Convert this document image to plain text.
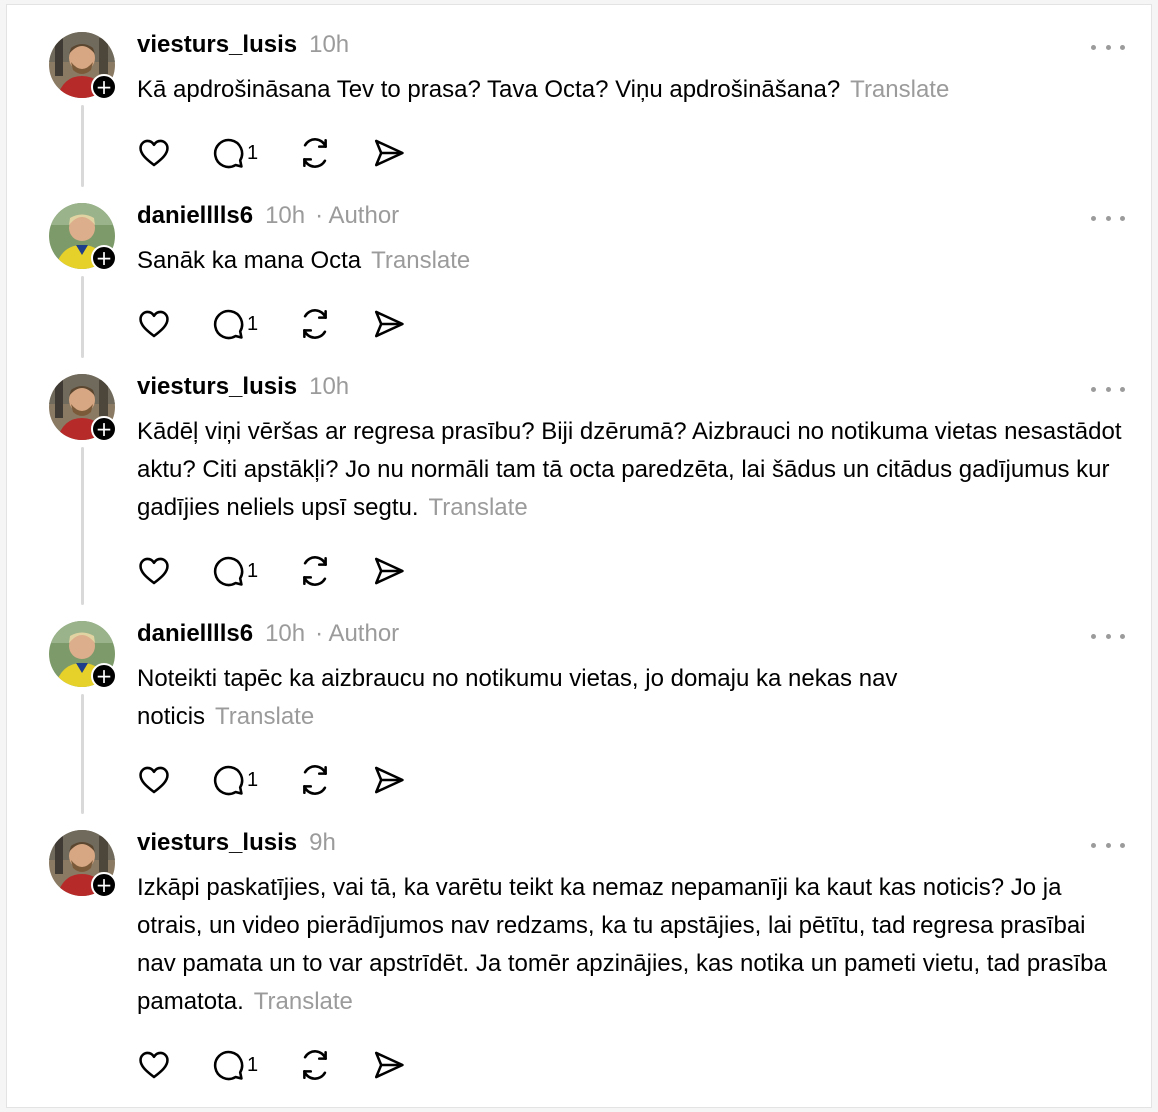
+
viesturs_lusis 10h
Kā apdrošināsana Tev to prasa? Tava Octa? Viņu apdrošināšana? Translate
1
+
danielllls6 10h · Author
Sanāk ka mana Octa Translate
1
+
viesturs_lusis 10h
Kādēļ viņi vēršas ar regresa prasību? Biji dzērumā? Aizbrauci no notikuma vietas nesastādot aktu? Citi apstākļi? Jo nu normāli tam tā octa paredzēta, lai šādus un citādus gadījumus kur gadījies neliels upsī segtu. Translate
1
+
danielllls6 10h · Author
Noteikti tapēc ka aizbraucu no notikumu vietas, jo domaju ka nekas nav noticis Translate
1
+
viesturs_lusis 9h
Izkāpi paskatījies, vai tā, ka varētu teikt ka nemaz nepamanīji ka kaut kas noticis? Jo ja otrais, un video pierādījumos nav redzams, ka tu apstājies, lai pētītu, tad regresa prasībai nav pamata un to var apstrīdēt. Ja tomēr apzinājies, kas notika un pameti vietu, tad prasība pamatota. Translate
1
